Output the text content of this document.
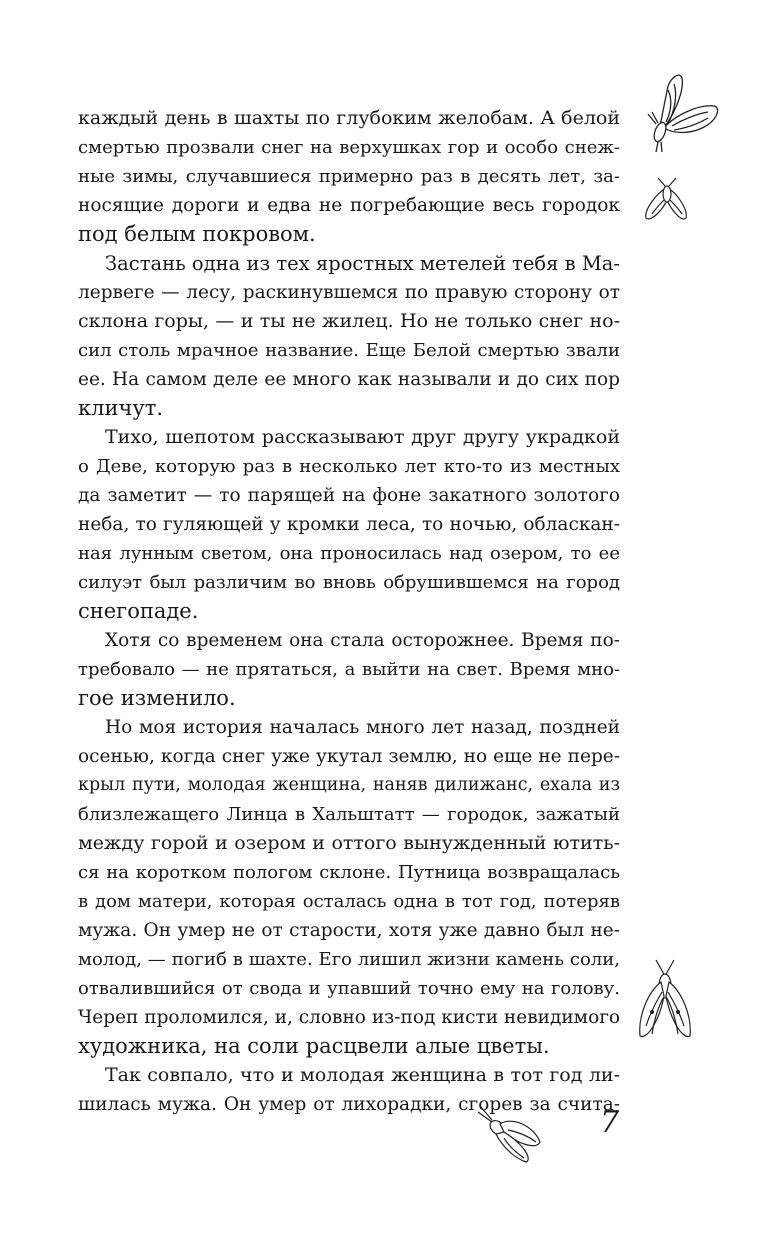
каждый день в шахты по глубоким желобам. А белой
смертью прозвали снег на верхушках гор и особо снеж-
ные зимы, случавшиеся примерно раз в десять лет, за-
носящие дороги и едва не погребающие весь городок
под белым покровом.
Застань одна из тех яростных метелей тебя в Ма-
лервеге — лесу, раскинувшемся по правую сторону от
склона горы, — и ты не жилец. Но не только снег но-
сил столь мрачное название. Еще Белой смертью звали
ее. На самом деле ее много как называли и до сих пор
кличут.
Тихо, шепотом рассказывают друг другу украдкой
о Деве, которую раз в несколько лет кто-то из местных
да заметит — то парящей на фоне закатного золотого
неба, то гуляющей у кромки леса, то ночью, обласкан-
ная лунным светом, она проносилась над озером, то ее
силуэт был различим во вновь обрушившемся на город
снегопаде.
Хотя со временем она стала осторожнее. Время по-
требовало — не прятаться, а выйти на свет. Время мно-
гое изменило.
Но моя история началась много лет назад, поздней
осенью, когда снег уже укутал землю, но еще не пере-
крыл пути, молодая женщина, наняв дилижанс, ехала из
близлежащего Линца в Хальштатт — городок, зажатый
между горой и озером и оттого вынужденный ютить-
ся на коротком пологом склоне. Путница возвращалась
в дом матери, которая осталась одна в тот год, потеряв
мужа. Он умер не от старости, хотя уже давно был не-
молод, — погиб в шахте. Его лишил жизни камень соли,
отвалившийся от свода и упавший точно ему на голову.
Череп проломился, и, словно из-под кисти невидимого
художника, на соли расцвели алые цветы.
Так совпало, что и молодая женщина в тот год ли-
шилась мужа. Он умер от лихорадки, сгорев за счита-
7
